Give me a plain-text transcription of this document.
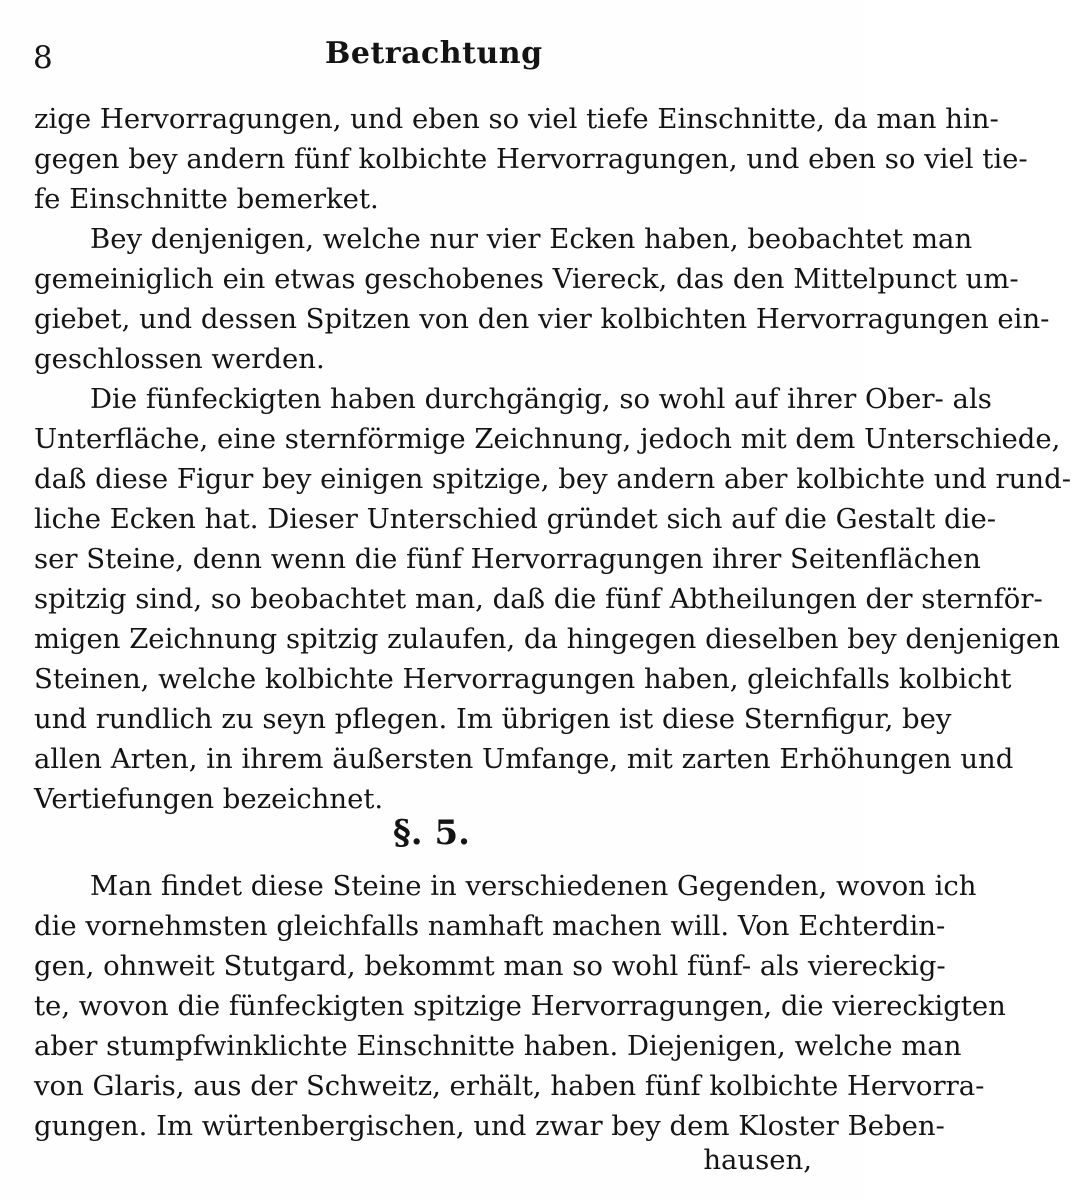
8	Betrachtung
zige Hervorragungen, und eben so viel tiefe Einschnitte, da man hin-
gegen bey andern fünf kolbichte Hervorragungen, und eben so viel tie-
fe Einschnitte bemerket.
Bey denjenigen, welche nur vier Ecken haben, beobachtet man
gemeiniglich ein etwas geschobenes Viereck, das den Mittelpunct um-
giebet, und dessen Spitzen von den vier kolbichten Hervorragungen ein-
geschlossen werden.
Die fünfeckigten haben durchgängig, so wohl auf ihrer Ober- als
Unterfläche, eine sternförmige Zeichnung, jedoch mit dem Unterschiede,
daß diese Figur bey einigen spitzige, bey andern aber kolbichte und rund-
liche Ecken hat. Dieser Unterschied gründet sich auf die Gestalt die-
ser Steine, denn wenn die fünf Hervorragungen ihrer Seitenflächen
spitzig sind, so beobachtet man, daß die fünf Abtheilungen der sternför-
migen Zeichnung spitzig zulaufen, da hingegen dieselben bey denjenigen
Steinen, welche kolbichte Hervorragungen haben, gleichfalls kolbicht
und rundlich zu seyn pflegen. Im übrigen ist diese Sternfigur, bey
allen Arten, in ihrem äußersten Umfange, mit zarten Erhöhungen und
Vertiefungen bezeichnet.
§. 5.
Man findet diese Steine in verschiedenen Gegenden, wovon ich
die vornehmsten gleichfalls namhaft machen will. Von Echterdin-
gen, ohnweit Stutgard, bekommt man so wohl fünf- als viereckig-
te, wovon die fünfeckigten spitzige Hervorragungen, die viereckigten
aber stumpfwinklichte Einschnitte haben. Diejenigen, welche man
von Glaris, aus der Schweitz, erhält, haben fünf kolbichte Hervorra-
gungen. Im würtenbergischen, und zwar bey dem Kloster Beben-
hausen,
